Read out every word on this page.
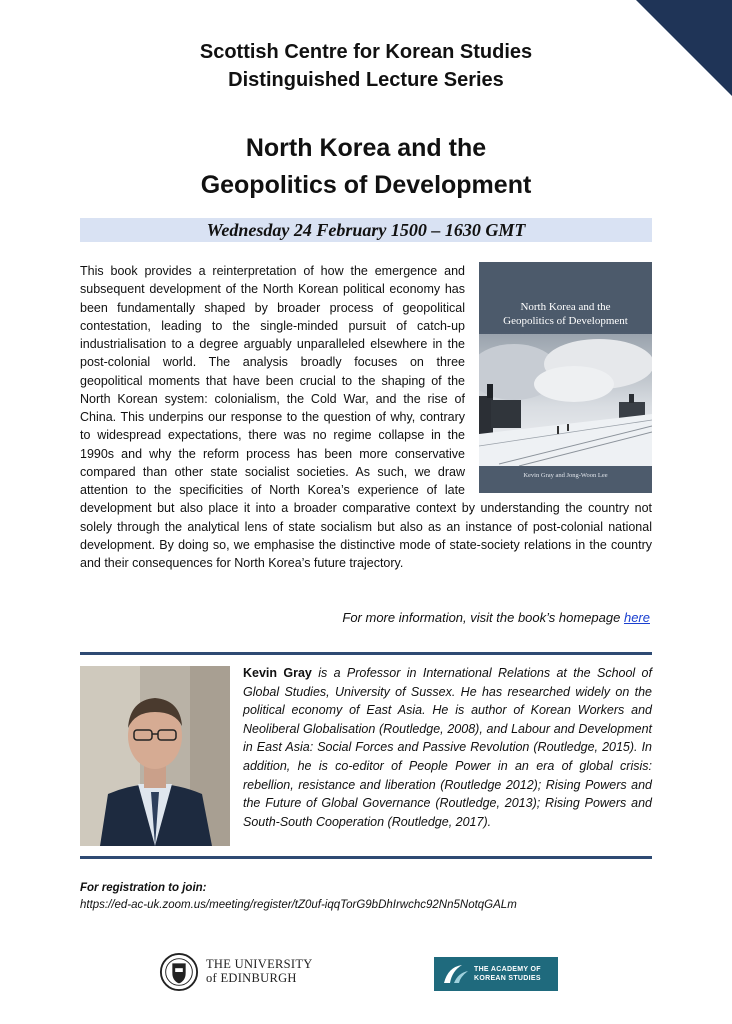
Scottish Centre for Korean Studies
Distinguished Lecture Series
North Korea and the
Geopolitics of Development
Wednesday 24 February 1500 – 1630 GMT
North Korea and the
Geopolitics of Development
Kevin Gray and Jong-Woon Lee

This book provides a reinterpretation of how the emergence and subsequent development of the North Korean political economy has been fundamentally shaped by broader process of geopolitical contestation, leading to the single-minded pursuit of catch-up industrialisation to a degree arguably unparalleled elsewhere in the post-colonial world. The analysis broadly focuses on three geopolitical moments that have been crucial to the shaping of the North Korean system: colonialism, the Cold War, and the rise of China. This underpins our response to the question of why, contrary to widespread expectations, there was no regime collapse in the 1990s and why the reform process has been more conservative compared than other state socialist societies. As such, we draw attention to the specificities of North Korea’s experience of late development but also place it into a broader comparative context by understanding the country not solely through the analytical lens of state socialism but also as an instance of post-colonial national development. By doing so, we emphasise the distinctive mode of state-society relations in the country and their consequences for North Korea’s future trajectory.

For more information, visit the book’s homepage here
Kevin Gray is a Professor in International Relations at the School of Global Studies, University of Sussex. He has researched widely on the political economy of East Asia. He is author of Korean Workers and Neoliberal Globalisation (Routledge, 2008), and Labour and Development in East Asia: Social Forces and Passive Revolution (Routledge, 2015). In addition, he is co-editor of People Power in an era of global crisis: rebellion, resistance and liberation (Routledge 2012); Rising Powers and the Future of Global Governance (Routledge, 2013); Rising Powers and South-South Cooperation (Routledge, 2017).
For registration to join:
https://ed-ac-uk.zoom.us/meeting/register/tZ0uf-iqqTorG9bDhIrwchc92Nn5NotqGALm
THE UNIVERSITY
of EDINBURGH
THE ACADEMY OF
KOREAN STUDIES
